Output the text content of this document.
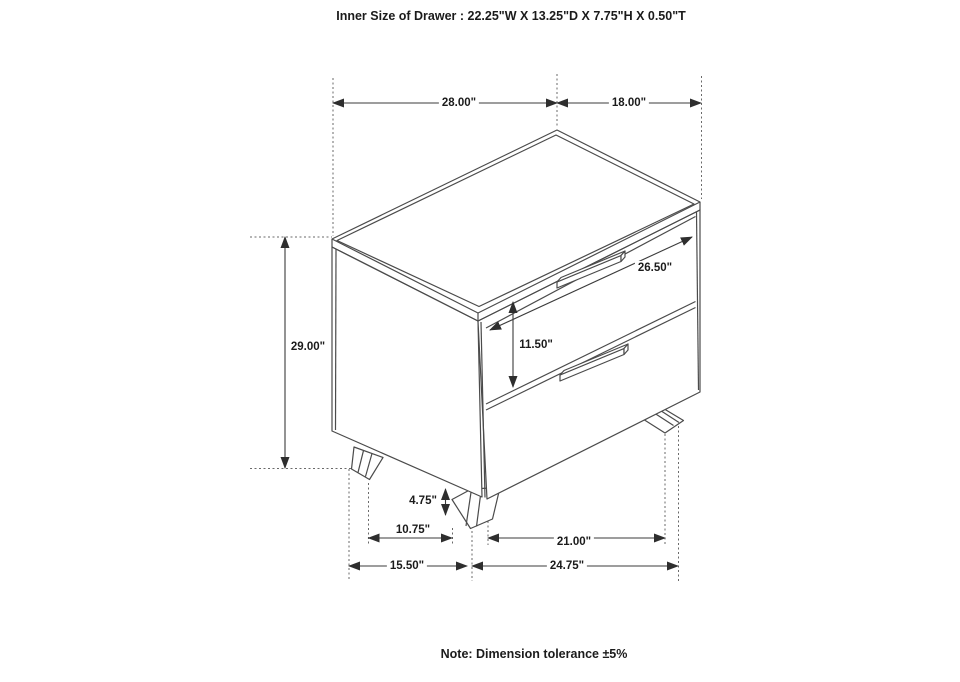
Inner Size of Drawer : 22.25"W X 13.25"D X 7.75"H X 0.50"T
28.00"	18.00"
29.00"
26.50"
11.50"
4.75"
10.75"
21.00"
15.50"	24.75"
Note: Dimension tolerance ±5%
